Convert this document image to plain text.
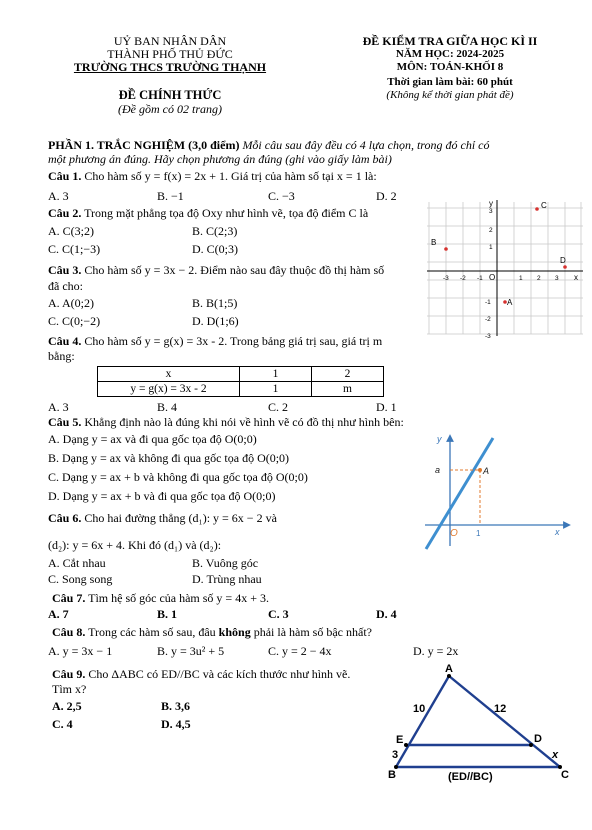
UỶ BAN NHÂN DÂN
THÀNH PHỐ THỦ ĐỨC
TRƯỜNG THCS TRƯỜNG THẠNH
ĐỀ CHÍNH THỨC
(Đề gồm có 02 trang)
ĐỀ KIỂM TRA GIỮA HỌC KÌ II
NĂM HỌC: 2024-2025
MÔN: TOÁN-KHỐI 8
Thời gian làm bài: 60 phút
(Không kể thời gian phát đề)
PHẦN 1. TRẮC NGHIỆM (3,0 điểm) Mỗi câu sau đây đều có 4 lựa chọn, trong đó chỉ có
một phương án đúng. Hãy chọn phương án đúng (ghi vào giấy làm bài)
Câu 1. Cho hàm số y = f(x) = 2x + 1. Giá trị của hàm số tại x = 1 là:
A. 3	B. −1	C. −3	D. 2
Câu 2. Trong mặt phẳng tọa độ Oxy như hình vẽ, tọa độ điểm C là
A. C(3;2)	B. C(2;3)
C. C(1;−3)	D. C(0;3)
Câu 3. Cho hàm số y = 3x − 2. Điểm nào sau đây thuộc đồ thị hàm số
đã cho:
A. A(0;2)	B. B(1;5)
C. C(0;−2)	D. D(1;6)
Câu 4. Cho hàm số y = g(x) = 3x - 2. Trong bảng giá trị sau, giá trị m
bằng:
x	1	2
y = g(x) = 3x - 2	1	m
A. 3	B. 4	C. 2	D. 1
Câu 5. Khẳng định nào là đúng khi nói về hình vẽ có đồ thị như hình bên:
A. Dạng y = ax và đi qua gốc tọa độ O(0;0)
B. Dạng y = ax và không đi qua gốc tọa độ O(0;0)
C. Dạng y = ax + b và không đi qua gốc tọa độ O(0;0)
D. Dạng y = ax + b và đi qua gốc tọa độ O(0;0)
Câu 6. Cho hai đường thẳng (d₁): y = 6x − 2 và
(d₂): y = 6x + 4. Khi đó (d₁) và (d₂):
A. Cắt nhau	B. Vuông góc
C. Song song	D. Trùng nhau
Câu 7. Tìm hệ số góc của hàm số y = 4x + 3.
A. 7	B. 1	C. 3	D. 4
Câu 8. Trong các hàm số sau, đâu không phải là hàm số bậc nhất?
A. y = 3x − 1	B. y = 3u² + 5	C. y = 2 − 4x	D. y = 2x
Câu 9. Cho ΔABC có ED//BC và các kích thước như hình vẽ.
Tìm x?
A. 2,5	B. 3,6
C. 4	D. 4,5
y
x
O
-3 -2 -1	1 2 3
3
2
1
-1
-2
-3
C
B
D
A
y
x
A
a
O 1
A
B	C
D
E
10	12
3	x
(ED//BC)
